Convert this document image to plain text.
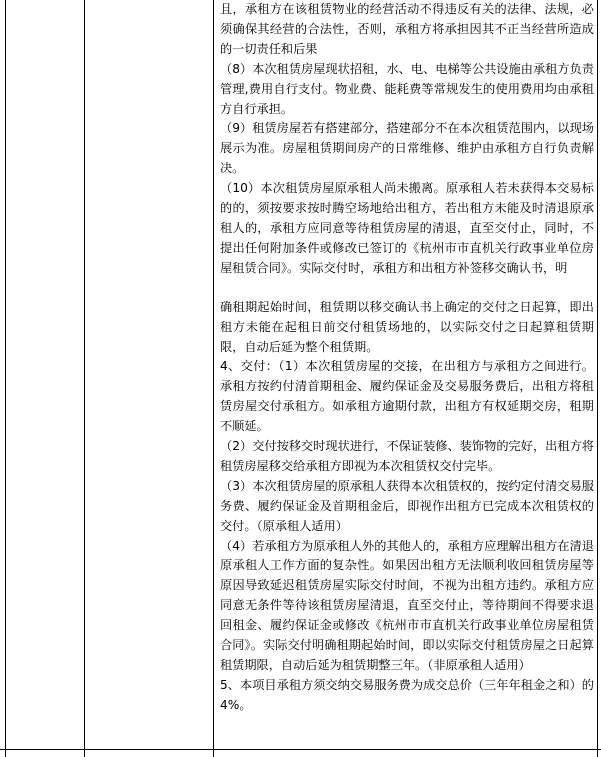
且，承租方在该租赁物业的经营活动不得违反有关的法律、法规，必须确保其经营的合法性，否则，承租方将承担因其不正当经营所造成的一切责任和后果

（8）本次租赁房屋现状招租，水、电、电梯等公共设施由承租方负责管理,费用自行支付。物业费、能耗费等常规发生的使用费用均由承租方自行承担。

（9）租赁房屋若有搭建部分，搭建部分不在本次租赁范围内，以现场展示为准。房屋租赁期间房产的日常维修、维护由承租方自行负责解决。

（10）本次租赁房屋原承租人尚未搬离。原承租人若未获得本交易标的的，须按要求按时腾空场地给出租方，若出租方未能及时清退原承租人的，承租方应同意等待租赁房屋的清退，直至交付止，同时，不提出任何附加条件或修改已签订的《杭州市市直机关行政事业单位房屋租赁合同》。实际交付时，承租方和出租方补签移交确认书，明

确租期起始时间，租赁期以移交确认书上确定的交付之日起算，即出租方未能在起租日前交付租赁场地的，以实际交付之日起算租赁期限，自动后延为整个租赁期。

4、交付：（1）本次租赁房屋的交接，在出租方与承租方之间进行。承租方按约付清首期租金、履约保证金及交易服务费后，出租方将租赁房屋交付承租方。如承租方逾期付款，出租方有权延期交房，租期不顺延。

（2）交付按移交时现状进行，不保证装修、装饰物的完好，出租方将租赁房屋移交给承租方即视为本次租赁权交付完毕。

（3）本次租赁房屋的原承租人获得本次租赁权的，按约定付清交易服务费、履约保证金及首期租金后，即视作出租方已完成本次租赁权的交付。（原承租人适用）

（4）若承租方为原承租人外的其他人的，承租方应理解出租方在清退原承租人工作方面的复杂性。如果因出租方无法顺利收回租赁房屋等原因导致延迟租赁房屋实际交付时间，不视为出租方违约。承租方应同意无条件等待该租赁房屋清退，直至交付止，等待期间不得要求退回租金、履约保证金或修改《杭州市市直机关行政事业单位房屋租赁合同》。实际交付明确租期起始时间，即以实际交付租赁房屋之日起算租赁期限，自动后延为租赁期整三年。（非原承租人适用）

5、本项目承租方须交纳交易服务费为成交总价（三年年租金之和）的 4%。
